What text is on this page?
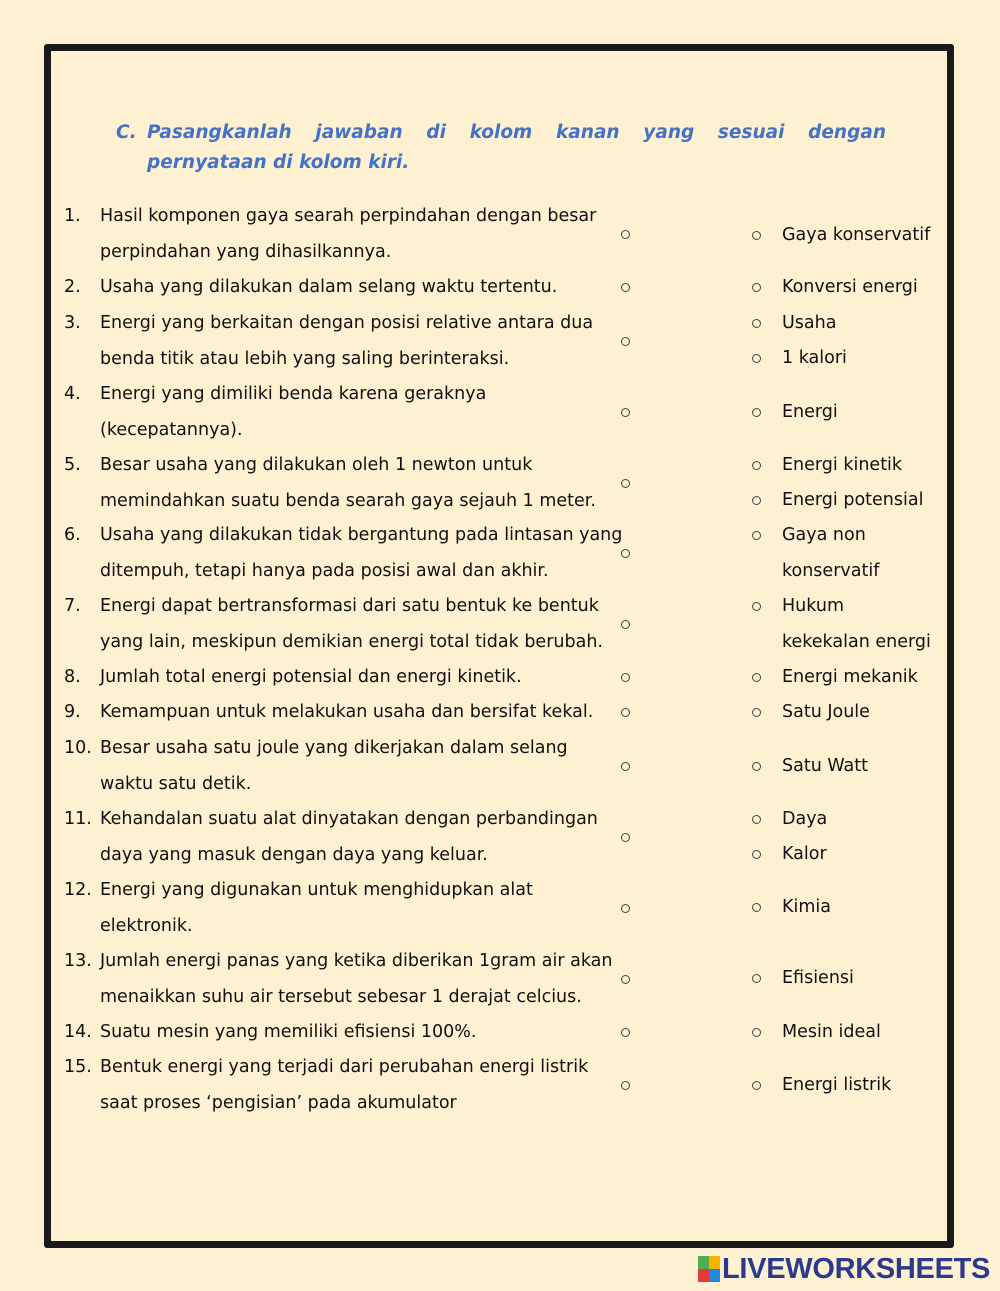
C. Pasangkanlah jawaban di kolom kanan yang sesuai dengan pernyataan di kolom kiri.
1. Hasil komponen gaya searah perpindahan dengan besar
perpindahan yang dihasilkannya.
2. Usaha yang dilakukan dalam selang waktu tertentu.
3. Energi yang berkaitan dengan posisi relative antara dua
benda titik atau lebih yang saling berinteraksi.
4. Energi yang dimiliki benda karena geraknya
(kecepatannya).
5. Besar usaha yang dilakukan oleh 1 newton untuk
memindahkan suatu benda searah gaya sejauh 1 meter.
6. Usaha yang dilakukan tidak bergantung pada lintasan yang
ditempuh, tetapi hanya pada posisi awal dan akhir.
7. Energi dapat bertransformasi dari satu bentuk ke bentuk
yang lain, meskipun demikian energi total tidak berubah.
8. Jumlah total energi potensial dan energi kinetik.
9. Kemampuan untuk melakukan usaha dan bersifat kekal.
10. Besar usaha satu joule yang dikerjakan dalam selang
waktu satu detik.
11. Kehandalan suatu alat dinyatakan dengan perbandingan
daya yang masuk dengan daya yang keluar.
12. Energi yang digunakan untuk menghidupkan alat
elektronik.
13. Jumlah energi panas yang ketika diberikan 1gram air akan
menaikkan suhu air tersebut sebesar 1 derajat celcius.
14. Suatu mesin yang memiliki efisiensi 100%.
15. Bentuk energi yang terjadi dari perubahan energi listrik
saat proses ‘pengisian’ pada akumulator
Gaya konservatif
Konversi energi
Usaha
1 kalori
Energi
Energi kinetik
Energi potensial
Gaya non
konservatif
Hukum
kekekalan energi
Energi mekanik
Satu Joule
Satu Watt
Daya
Kalor
Kimia
Efisiensi
Mesin ideal
Energi listrik
LIVEWORKSHEETS
